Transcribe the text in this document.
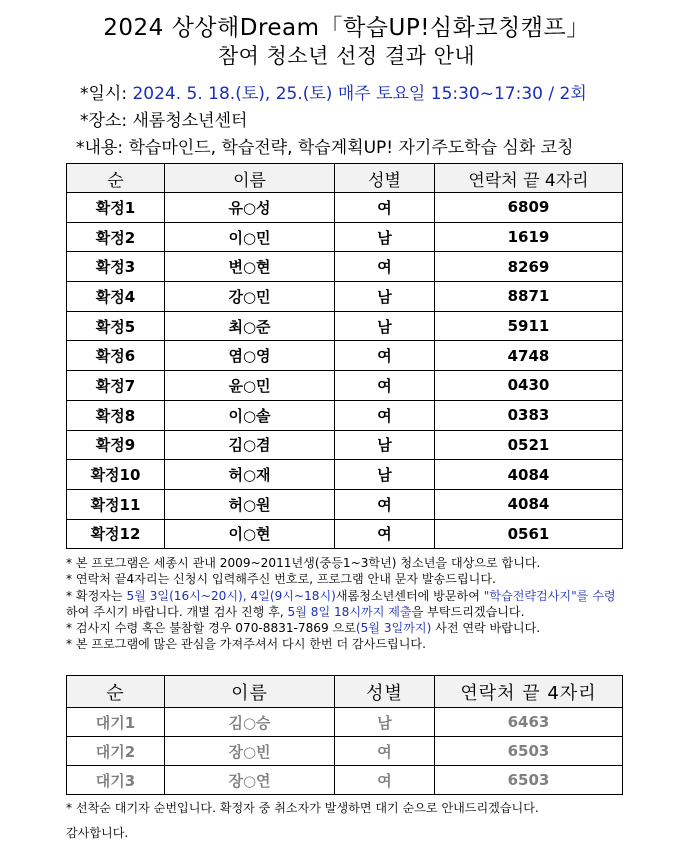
2024 상상해Dream「학습UP!심화코칭캠프」
참여 청소년 선정 결과 안내
*일시: 2024. 5. 18.(토), 25.(토) 매주 토요일 15:30~17:30 / 2회
*장소: 새롬청소년센터
*내용: 학습마인드, 학습전략, 학습계획UP! 자기주도학습 심화 코칭
순	이름	성별	연락처 끝 4자리
확정1	유○성	여	6809
확정2	이○민	남	1619
확정3	변○현	여	8269
확정4	강○민	남	8871
확정5	최○준	남	5911
확정6	염○영	여	4748
확정7	윤○민	여	0430
확정8	이○솔	여	0383
확정9	김○겸	남	0521
확정10	허○재	남	4084
확정11	허○원	여	4084
확정12	이○현	여	0561
* 본 프로그램은 세종시 관내 2009~2011년생(중등1~3학년) 청소년을 대상으로 합니다.
* 연락처 끝4자리는 신청시 입력해주신 번호로, 프로그램 안내 문자 발송드립니다.
* 확정자는 5월 3일(16시~20시), 4일(9시~18시)새롬청소년센터에 방문하여 "학습전략검사지"를 수령
하여 주시기 바랍니다. 개별 검사 진행 후, 5월 8일 18시까지 제출을 부탁드리겠습니다.
* 검사지 수령 혹은 불참할 경우 070-8831-7869 으로(5월 3일까지) 사전 연락 바랍니다.
* 본 프로그램에 많은 관심을 가져주셔서 다시 한번 더 감사드립니다.
순	이름	성별	연락처 끝 4자리
대기1	김○승	남	6463
대기2	장○빈	여	6503
대기3	장○연	여	6503
* 선착순 대기자 순번입니다. 확정자 중 취소자가 발생하면 대기 순으로 안내드리겠습니다.
감사합니다.
